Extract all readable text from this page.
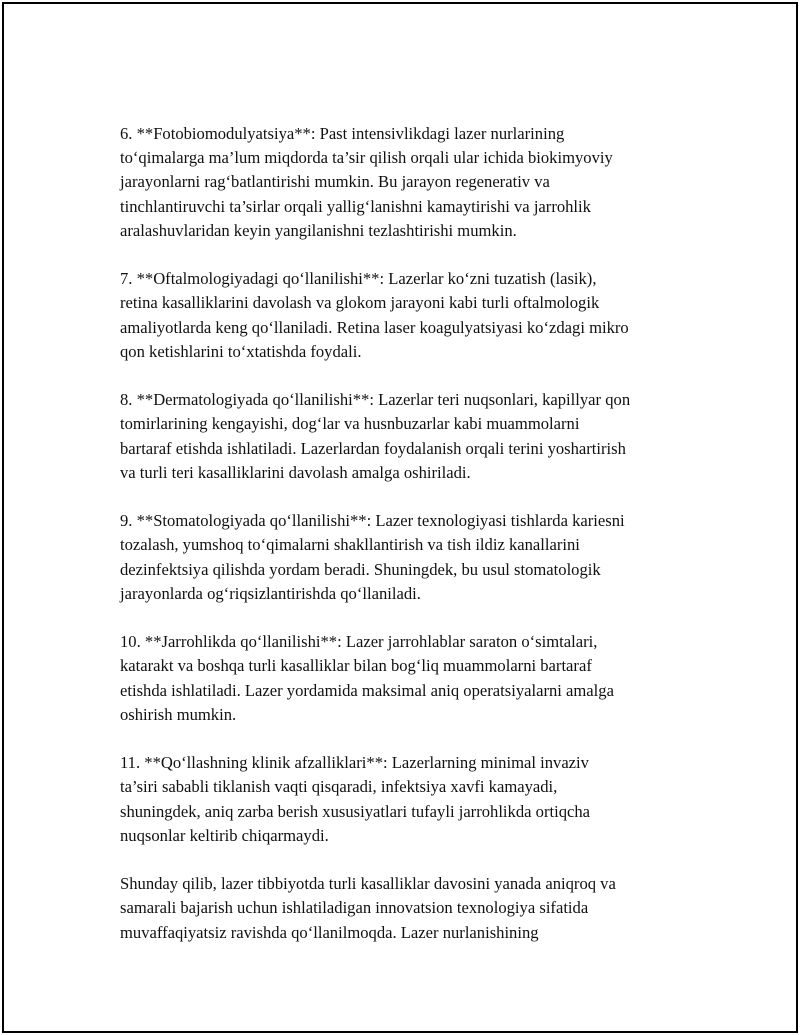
6. **Fotobiomodulyatsiya**: Past intensivlikdagi lazer nurlarining
to‘qimalarga ma’lum miqdorda ta’sir qilish orqali ular ichida biokimyoviy
jarayonlarni rag‘batlantirishi mumkin. Bu jarayon regenerativ va
tinchlantiruvchi ta’sirlar orqali yallig‘lanishni kamaytirishi va jarrohlik
aralashuvlaridan keyin yangilanishni tezlashtirishi mumkin.

7. **Oftalmologiyadagi qo‘llanilishi**: Lazerlar ko‘zni tuzatish (lasik),
retina kasalliklarini davolash va glokom jarayoni kabi turli oftalmologik
amaliyotlarda keng qo‘llaniladi. Retina laser koagulyatsiyasi ko‘zdagi mikro
qon ketishlarini to‘xtatishda foydali.

8. **Dermatologiyada qo‘llanilishi**: Lazerlar teri nuqsonlari, kapillyar qon
tomirlarining kengayishi, dog‘lar va husnbuzarlar kabi muammolarni
bartaraf etishda ishlatiladi. Lazerlardan foydalanish orqali terini yoshartirish
va turli teri kasalliklarini davolash amalga oshiriladi.

9. **Stomatologiyada qo‘llanilishi**: Lazer texnologiyasi tishlarda kariesni
tozalash, yumshoq to‘qimalarni shakllantirish va tish ildiz kanallarini
dezinfektsiya qilishda yordam beradi. Shuningdek, bu usul stomatologik
jarayonlarda og‘riqsizlantirishda qo‘llaniladi.

10. **Jarrohlikda qo‘llanilishi**: Lazer jarrohlablar saraton o‘simtalari,
katarakt va boshqa turli kasalliklar bilan bog‘liq muammolarni bartaraf
etishda ishlatiladi. Lazer yordamida maksimal aniq operatsiyalarni amalga
oshirish mumkin.

11. **Qo‘llashning klinik afzalliklari**: Lazerlarning minimal invaziv
ta’siri sababli tiklanish vaqti qisqaradi, infektsiya xavfi kamayadi,
shuningdek, aniq zarba berish xususiyatlari tufayli jarrohlikda ortiqcha
nuqsonlar keltirib chiqarmaydi.

Shunday qilib, lazer tibbiyotda turli kasalliklar davosini yanada aniqroq va
samarali bajarish uchun ishlatiladigan innovatsion texnologiya sifatida
muvaffaqiyatsiz ravishda qo‘llanilmoqda. Lazer nurlanishining
